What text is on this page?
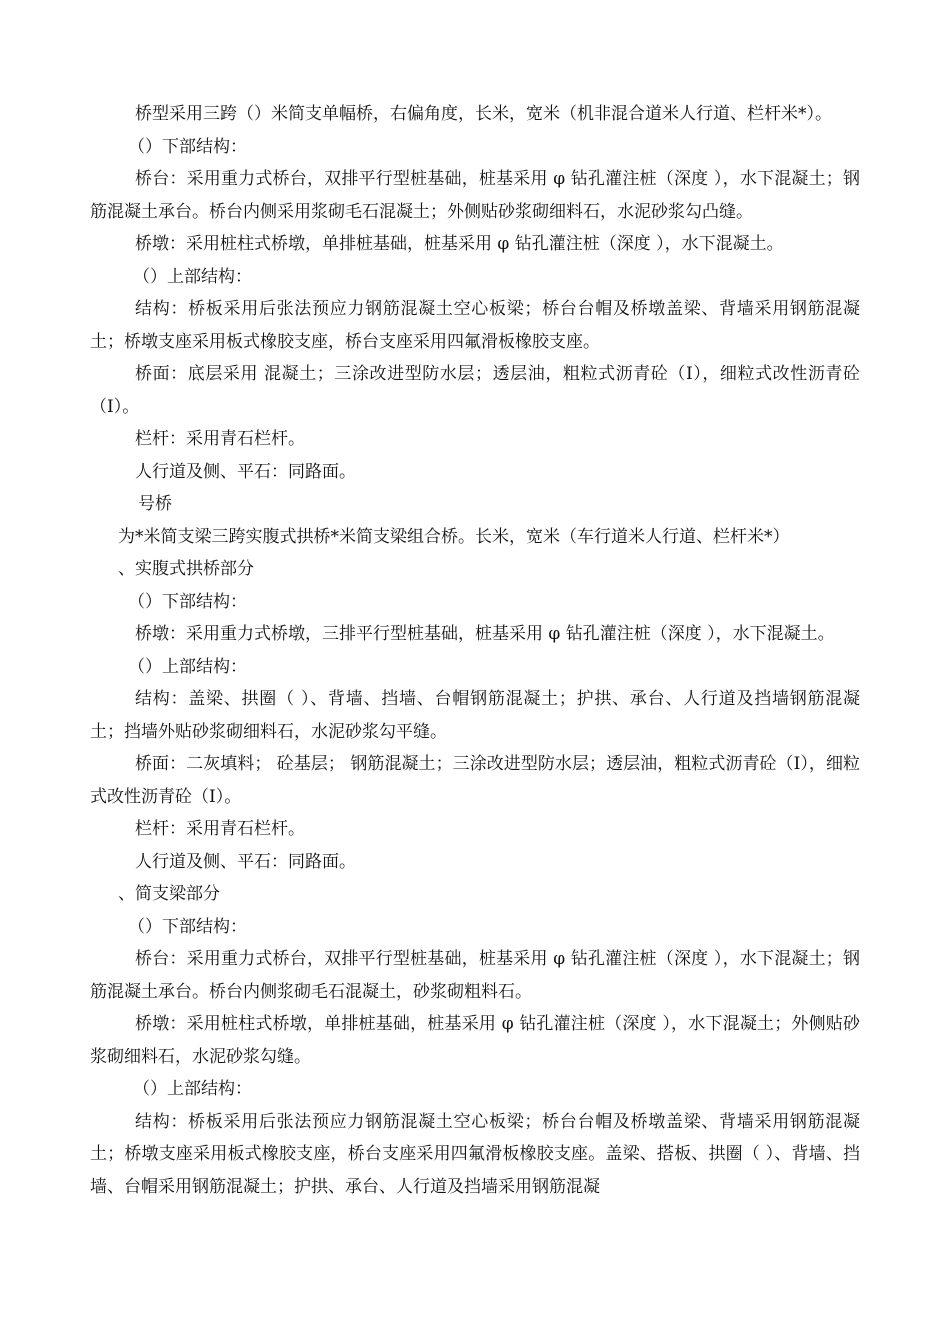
桥型采用三跨（）米简支单幅桥，右偏角度，长米，宽米（机非混合道米人行道、栏杆米*）。

（）下部结构：

桥台：采用重力式桥台，双排平行型桩基础，桩基采用 φ 钻孔灌注桩（深度 ），水下混凝土；钢筋混凝土承台。桥台内侧采用浆砌毛石混凝土；外侧贴砂浆砌细料石，水泥砂浆勾凸缝。

桥墩：采用桩柱式桥墩，单排桩基础，桩基采用 φ 钻孔灌注桩（深度 ），水下混凝土。

（）上部结构：

结构：桥板采用后张法预应力钢筋混凝土空心板梁；桥台台帽及桥墩盖梁、背墙采用钢筋混凝土；桥墩支座采用板式橡胶支座，桥台支座采用四氟滑板橡胶支座。

桥面：底层采用 混凝土；三涂改进型防水层；透层油，粗粒式沥青砼（Ⅰ），细粒式改性沥青砼（Ⅰ）。

栏杆：采用青石栏杆。

人行道及侧、平石：同路面。

号桥

为*米简支梁三跨实腹式拱桥*米简支梁组合桥。长米，宽米（车行道米人行道、栏杆米*）

、实腹式拱桥部分

（）下部结构：

桥墩：采用重力式桥墩，三排平行型桩基础，桩基采用 φ 钻孔灌注桩（深度 ），水下混凝土。

（）上部结构：

结构：盖梁、拱圈（ ）、背墙、挡墙、台帽钢筋混凝土；护拱、承台、人行道及挡墙钢筋混凝土；挡墙外贴砂浆砌细料石，水泥砂浆勾平缝。

桥面：二灰填料； 砼基层； 钢筋混凝土；三涂改进型防水层；透层油，粗粒式沥青砼（Ⅰ），细粒式改性沥青砼（Ⅰ）。

栏杆：采用青石栏杆。

人行道及侧、平石：同路面。

、简支梁部分

（）下部结构：

桥台：采用重力式桥台，双排平行型桩基础，桩基采用 φ 钻孔灌注桩（深度 ），水下混凝土；钢筋混凝土承台。桥台内侧浆砌毛石混凝土，砂浆砌粗料石。

桥墩：采用桩柱式桥墩，单排桩基础，桩基采用 φ 钻孔灌注桩（深度 ），水下混凝土；外侧贴砂浆砌细料石，水泥砂浆勾缝。

（）上部结构：

结构：桥板采用后张法预应力钢筋混凝土空心板梁；桥台台帽及桥墩盖梁、背墙采用钢筋混凝土；桥墩支座采用板式橡胶支座，桥台支座采用四氟滑板橡胶支座。盖梁、搭板、拱圈（ ）、背墙、挡墙、台帽采用钢筋混凝土；护拱、承台、人行道及挡墙采用钢筋混凝
